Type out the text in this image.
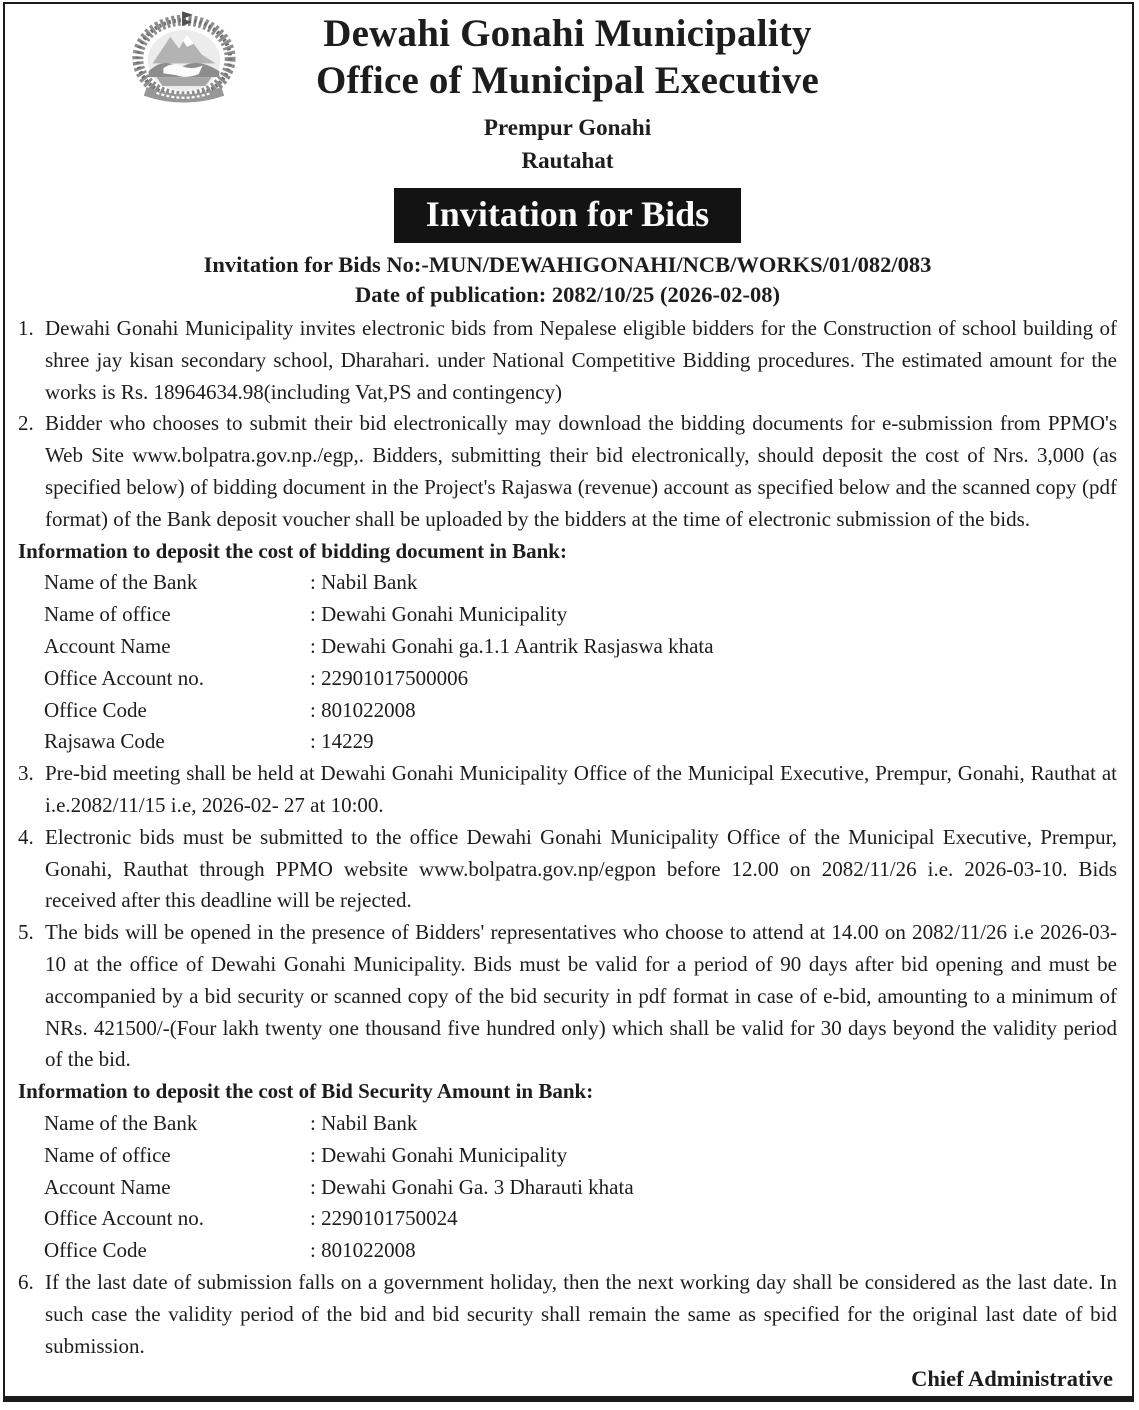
Dewahi Gonahi Municipality
Office of Municipal Executive
Prempur Gonahi
Rautahat
Invitation for Bids
Invitation for Bids No:-MUN/DEWAHIGONAHI/NCB/WORKS/01/082/083
Date of publication: 2082/10/25 (2026-02-08)

1. Dewahi Gonahi Municipality invites electronic bids from Nepalese eligible bidders for the Construction of school building of shree jay kisan secondary school, Dharahari. under National Competitive Bidding procedures. The estimated amount for the works is Rs. 18964634.98(including Vat,PS and contingency)

2. Bidder who chooses to submit their bid electronically may download the bidding documents for e-submission from PPMO's Web Site www.bolpatra.gov.np./egp,. Bidders, submitting their bid electronically, should deposit the cost of Nrs. 3,000 (as specified below) of bidding document in the Project's Rajaswa (revenue) account as specified below and the scanned copy (pdf format) of the Bank deposit voucher shall be uploaded by the bidders at the time of electronic submission of the bids.

Information to deposit the cost of bidding document in Bank:
Name of the Bank	: Nabil Bank
Name of office	: Dewahi Gonahi Municipality
Account Name	: Dewahi Gonahi ga.1.1 Aantrik Rasjaswa khata
Office Account no.	: 22901017500006
Office Code	: 801022008
Rajsawa Code	: 14229

3. Pre-bid meeting shall be held at Dewahi Gonahi Municipality Office of the Municipal Executive, Prempur, Gonahi, Rauthat at i.e.2082/11/15 i.e, 2026-02- 27 at 10:00.

4. Electronic bids must be submitted to the office Dewahi Gonahi Municipality Office of the Municipal Executive, Prempur, Gonahi, Rauthat through PPMO website www.bolpatra.gov.np/egpon before 12.00 on 2082/11/26 i.e. 2026-03-10. Bids received after this deadline will be rejected.

5. The bids will be opened in the presence of Bidders' representatives who choose to attend at 14.00 on 2082/11/26 i.e 2026-03-10 at the office of Dewahi Gonahi Municipality. Bids must be valid for a period of 90 days after bid opening and must be accompanied by a bid security or scanned copy of the bid security in pdf format in case of e-bid, amounting to a minimum of NRs. 421500/-(Four lakh twenty one thousand five hundred only) which shall be valid for 30 days beyond the validity period of the bid.

Information to deposit the cost of Bid Security Amount in Bank:
Name of the Bank	: Nabil Bank
Name of office	: Dewahi Gonahi Municipality
Account Name	: Dewahi Gonahi Ga. 3 Dharauti khata
Office Account no.	: 2290101750024
Office Code	: 801022008

6. If the last date of submission falls on a government holiday, then the next working day shall be considered as the last date. In such case the validity period of the bid and bid security shall remain the same as specified for the original last date of bid submission.

Chief Administrative
